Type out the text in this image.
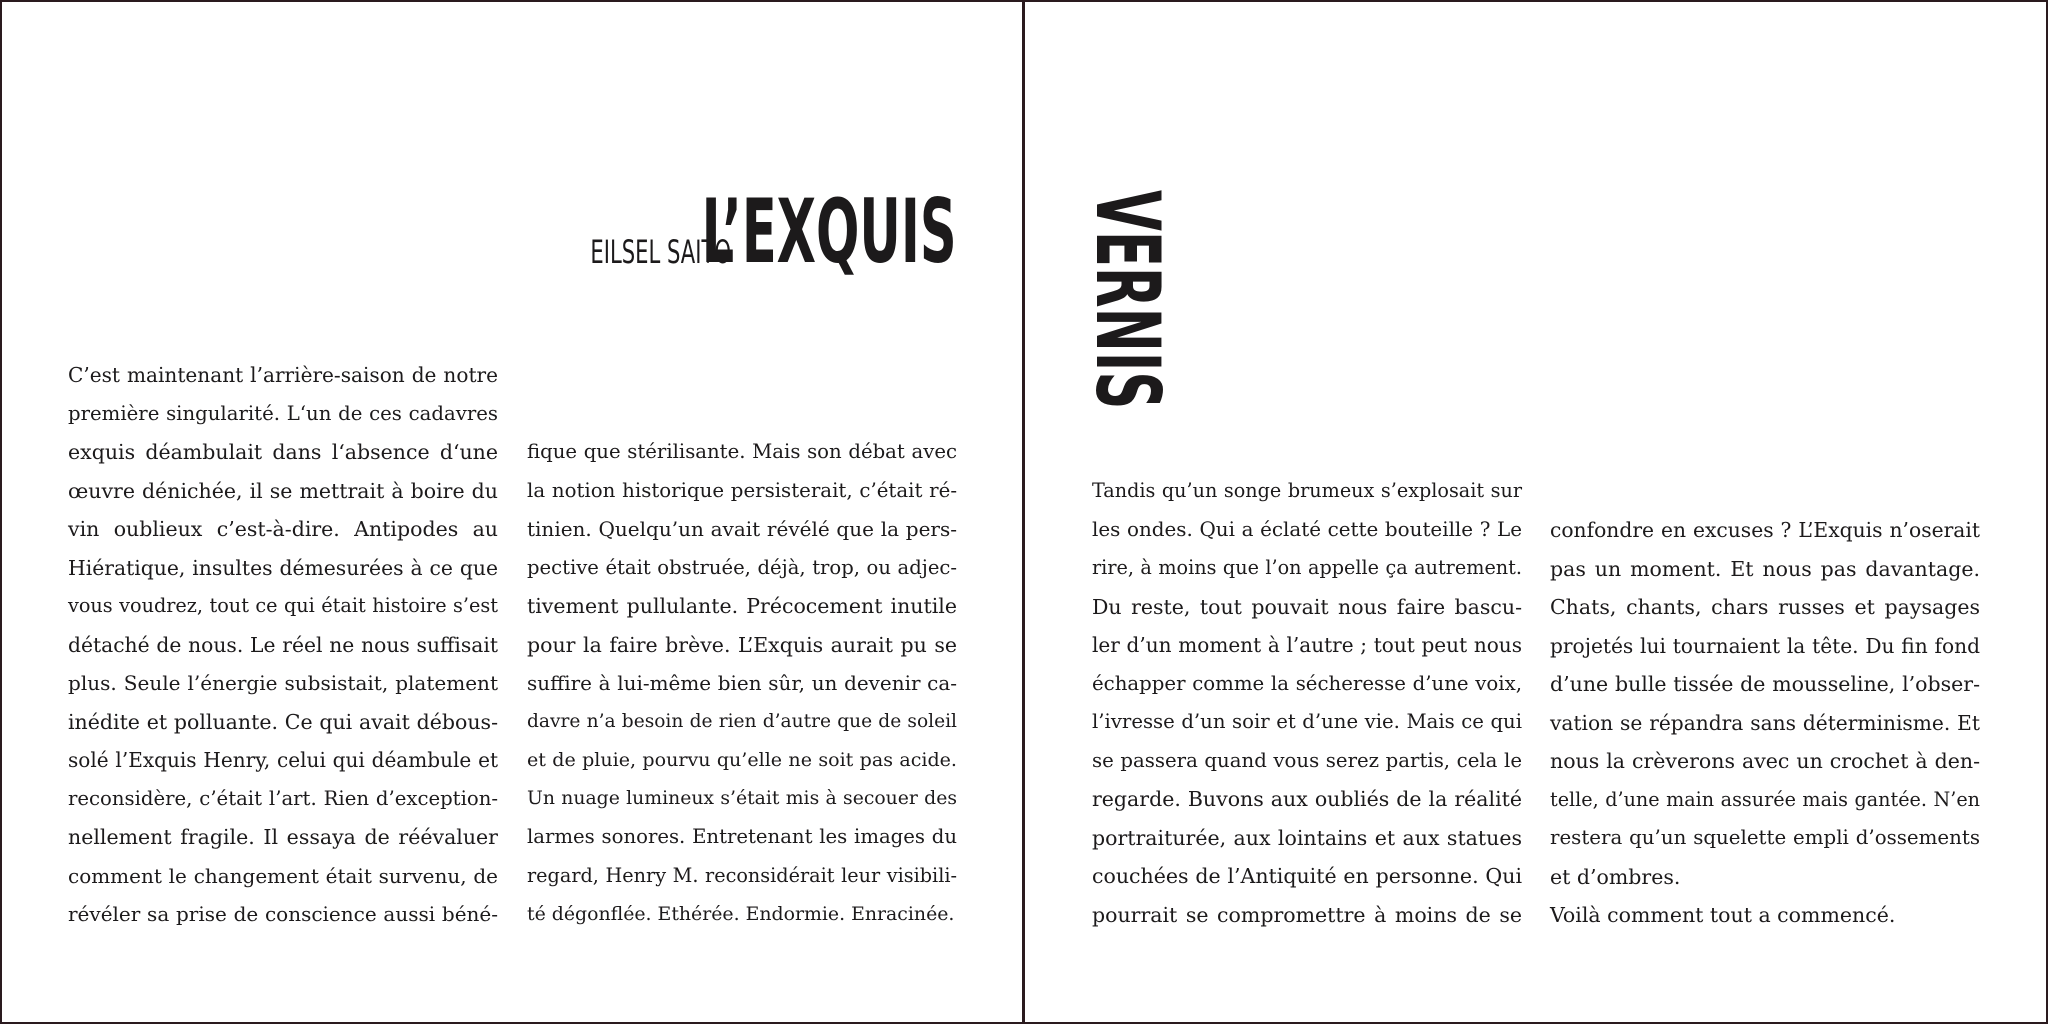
EILSEL SAITO
L’EXQUIS
C’est maintenant l’arrière-saison de notre
première singularité. L‘un de ces cadavres
exquis déambulait dans l‘absence d‘une
œuvre dénichée, il se mettrait à boire du
vin oublieux c’est-à-dire. Antipodes au
Hiératique, insultes démesurées à ce que
vous voudrez, tout ce qui était histoire s’est
détaché de nous. Le réel ne nous suffisait
plus. Seule l’énergie subsistait, platement
inédite et polluante. Ce qui avait débous-
solé l’Exquis Henry, celui qui déambule et
reconsidère, c’était l’art. Rien d’exception-
nellement fragile. Il essaya de réévaluer
comment le changement était survenu, de
révéler sa prise de conscience aussi béné-
fique que stérilisante. Mais son débat avec
la notion historique persisterait, c’était ré-
tinien. Quelqu’un avait révélé que la pers-
pective était obstruée, déjà, trop, ou adjec-
tivement pullulante. Précocement inutile
pour la faire brève. L’Exquis aurait pu se
suffire à lui-même bien sûr, un devenir ca-
davre n’a besoin de rien d’autre que de soleil
et de pluie, pourvu qu’elle ne soit pas acide.
Un nuage lumineux s’était mis à secouer des
larmes sonores. Entretenant les images du
regard, Henry M. reconsidérait leur visibili-
té dégonflée. Ethérée. Endormie. Enracinée.
VERNIS
Tandis qu’un songe brumeux s’explosait sur
les ondes. Qui a éclaté cette bouteille ? Le
rire, à moins que l’on appelle ça autrement.
Du reste, tout pouvait nous faire bascu-
ler d’un moment à l’autre ; tout peut nous
échapper comme la sécheresse d’une voix,
l’ivresse d’un soir et d’une vie. Mais ce qui
se passera quand vous serez partis, cela le
regarde. Buvons aux oubliés de la réalité
portraiturée, aux lointains et aux statues
couchées de l’Antiquité en personne. Qui
pourrait se compromettre à moins de se
confondre en excuses ? L’Exquis n’oserait
pas un moment. Et nous pas davantage.
Chats, chants, chars russes et paysages
projetés lui tournaient la tête. Du fin fond
d’une bulle tissée de mousseline, l’obser-
vation se répandra sans déterminisme. Et
nous la crèverons avec un crochet à den-
telle, d’une main assurée mais gantée. N’en
restera qu’un squelette empli d’ossements
et d’ombres.
Voilà comment tout a commencé.
